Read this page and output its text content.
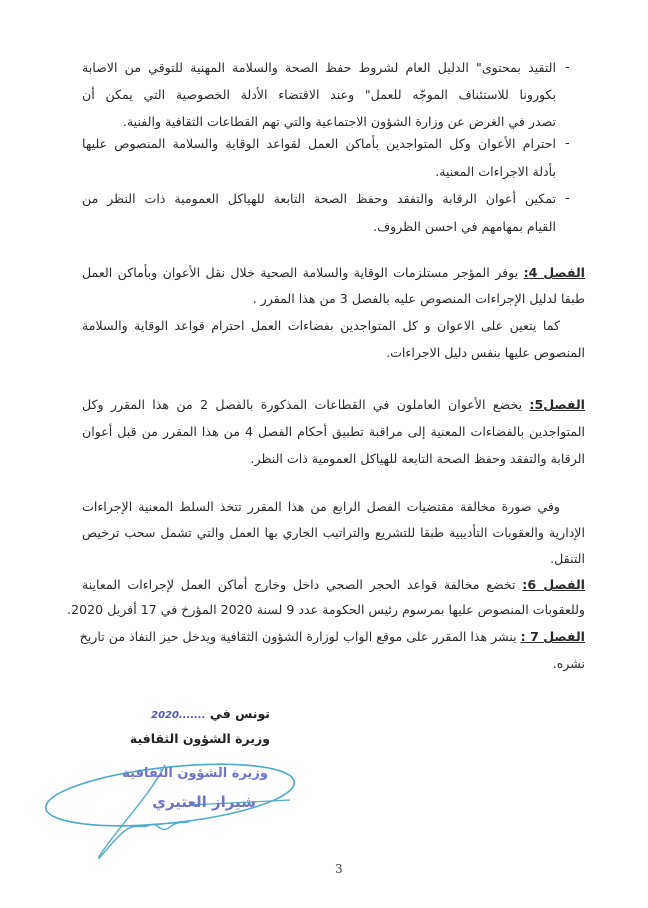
-
التقيد بمحتوى" الدليل العام لشروط حفظ الصحة والسلامة المهنية للتوقي من الاصابة
بكورونا للاستئناف الموجّه للعمل" وعند الاقتضاء الأدلة الخصوصية التي يمكن أن
تصدر في الغرض عن وزارة الشؤون الاجتماعية والتي تهم القطاعات الثقافية والفنية.
-
احترام الأعوان وكل المتواجدين بأماكن العمل لقواعد الوقاية والسلامة المنصوص عليها
بأدلة الاجراءات المعنية.
-
تمكين أعوان الرقابة والتفقد وحفظ الصحة التابعة للهياكل العمومية ذات النظر من
القيام بمهامهم في احسن الظروف.
الفصل 4: يوفر المؤجر مستلزمات الوقاية والسلامة الصحية خلال نقل الأعوان وبأماكن العمل
طبقا لدليل الإجراءات المنصوص عليه بالفصل 3 من هذا المقرر .
كما يتعين على الاعوان و كل المتواجدين بفضاءات العمل احترام قواعد الوقاية والسلامة
المنصوص عليها بنفس دليل الاجراءات.
الفصل5: يخضع الأعوان العاملون في القطاعات المذكورة بالفصل 2 من هذا المقرر وكل
المتواجدين بالفضاءات المعنية إلى مراقبة تطبيق أحكام الفصل 4 من هذا المقرر من قبل أعوان
الرقابة والتفقد وحفظ الصحة التابعة للهياكل العمومية ذات النظر.
وفي صورة مخالفة مقتضيات الفصل الرابع من هذا المقرر تتخذ السلط المعنية الإجراءات
الإدارية والعقوبات التأديبية طبقا للتشريع والتراتيب الجاري بها العمل والتي تشمل سحب ترخيص
التنقل.
الفصل 6: تخضع مخالفة قواعد الحجر الصحي داخل وخارج أماكن العمل لإجراءات المعاينة
وللعقوبات المنصوص عليها بمرسوم رئيس الحكومة عدد 9 لسنة 2020 المؤرخ في 17 أفريل 2020.
الفصل 7 : ينشر هذا المقرر على موقع الواب لوزارة الشؤون الثقافية ويدخل حيز النفاذ من تاريخ
نشره.
تونس في .......2020
وزيرة الشؤون الثقافية
وزيرة الشؤون الثقافية
شيراز العتيري
3
